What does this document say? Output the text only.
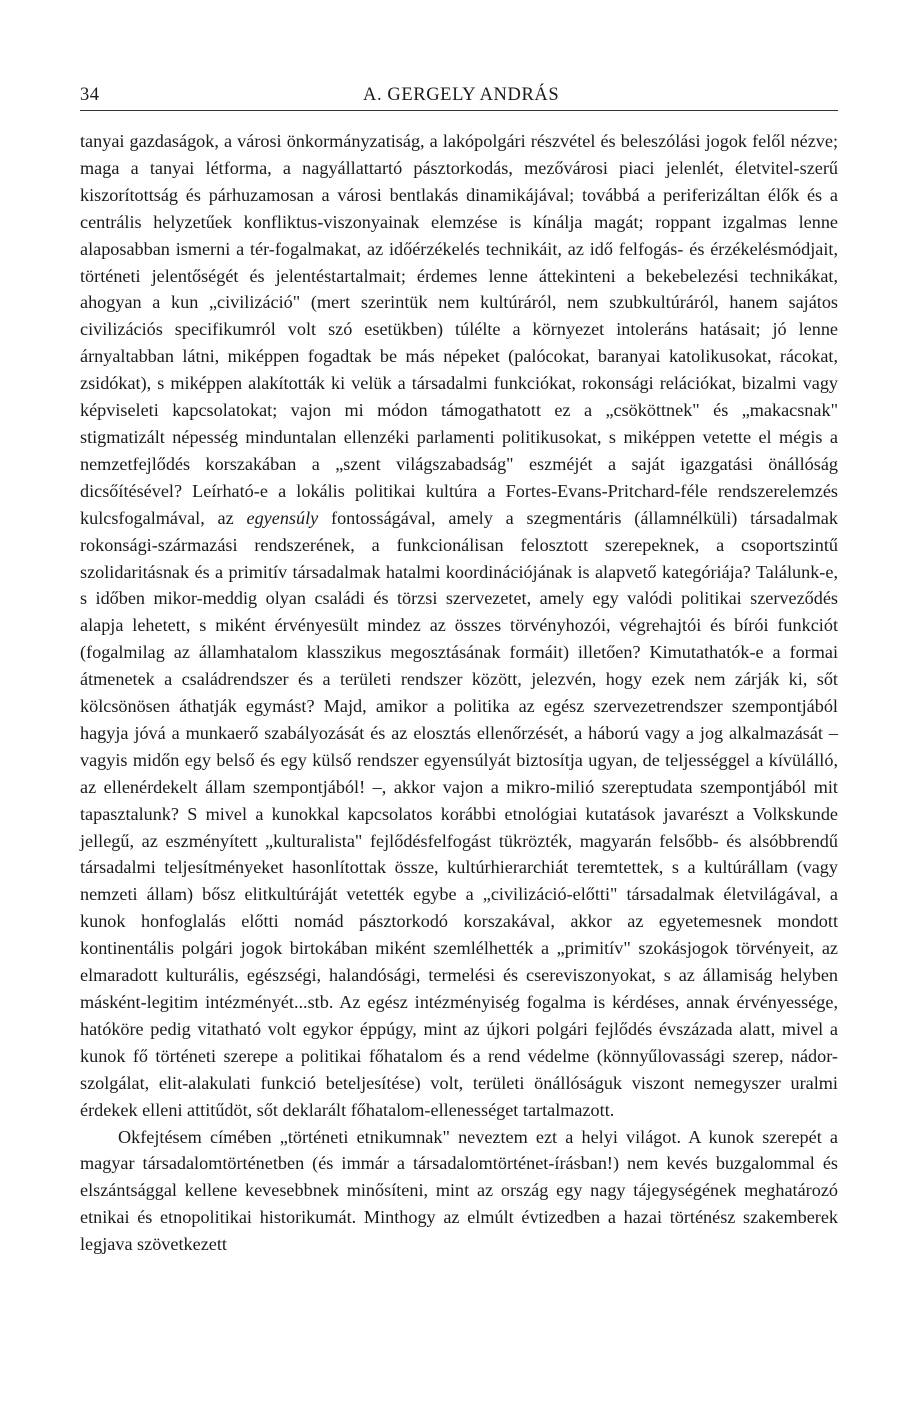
34	A. GERGELY ANDRÁS

tanyai gazdaságok, a városi önkormányzatiság, a lakópolgári részvétel és beleszólási jogok felől nézve; maga a tanyai létforma, a nagyállattartó pásztorkodás, mezővárosi piaci jelenlét, életvitel-szerű kiszorítottság és párhuzamosan a városi bentlakás dinamikájával; továbbá a periferizáltan élők és a centrális helyzetűek konfliktus-viszonyainak elemzése is kínálja magát; roppant izgalmas lenne alaposabban ismerni a tér-fogalmakat, az időérzékelés technikáit, az idő felfogás- és érzékelésmódjait, történeti jelentőségét és jelentéstartalmait; érdemes lenne áttekinteni a bekebelezési technikákat, ahogyan a kun „civilizáció" (mert szerintük nem kultúráról, nem szubkultúráról, hanem sajátos civilizációs specifikumról volt szó esetükben) túlélte a környezet intoleráns hatásait; jó lenne árnyaltabban látni, miképpen fogadtak be más népeket (palócokat, baranyai katolikusokat, rácokat, zsidókat), s miképpen alakították ki velük a társadalmi funkciókat, rokonsági relációkat, bizalmi vagy képviseleti kapcsolatokat; vajon mi módon támogathatott ez a „csököttnek" és „makacsnak" stigmatizált népesség minduntalan ellenzéki parlamenti politikusokat, s miképpen vetette el mégis a nemzetfejlődés korszakában a „szent világszabadság" eszméjét a saját igazgatási önállóság dicsőítésével? Leírható-e a lokális politikai kultúra a Fortes-Evans-Pritchard-féle rendszerelemzés kulcsfogalmával, az egyensúly fontosságával, amely a szegmentáris (államnélküli) társadalmak rokonsági-származási rendszerének, a funkcionálisan felosztott szerepeknek, a csoportszintű szolidaritásnak és a primitív társadalmak hatalmi koordinációjának is alapvető kategóriája? Találunk-e, s időben mikor-meddig olyan családi és törzsi szervezetet, amely egy valódi politikai szerveződés alapja lehetett, s miként érvényesült mindez az összes törvényhozói, végrehajtói és bírói funkciót (fogalmilag az államhatalom klasszikus megosztásának formáit) illetően? Kimutathatók-e a formai átmenetek a családrendszer és a területi rendszer között, jelezvén, hogy ezek nem zárják ki, sőt kölcsönösen áthatják egymást? Majd, amikor a politika az egész szervezetrendszer szempontjából hagyja jóvá a munkaerő szabályozását és az elosztás ellenőrzését, a háború vagy a jog alkalmazását – vagyis midőn egy belső és egy külső rendszer egyensúlyát biztosítja ugyan, de teljességgel a kívülálló, az ellenérdekelt állam szempontjából! –, akkor vajon a mikro-milió szereptudata szempontjából mit tapasztalunk? S mivel a kunokkal kapcsolatos korábbi etnológiai kutatások javarészt a Volkskunde jellegű, az eszményített „kulturalista" fejlődésfelfogást tükrözték, magyarán felsőbb- és alsóbbrendű társadalmi teljesítményeket hasonlítottak össze, kultúrhierarchiát teremtettek, s a kultúrállam (vagy nemzeti állam) bősz elitkultúráját vetették egybe a „civilizáció-előtti" társadalmak életvilágával, a kunok honfoglalás előtti nomád pásztorkodó korszakával, akkor az egyetemesnek mondott kontinentális polgári jogok birtokában miként szemlélhették a „primitív" szokásjogok törvényeit, az elmaradott kulturális, egészségi, halandósági, termelési és csereviszonyokat, s az államiság helyben másként-legitim intézményét...stb. Az egész intézményiség fogalma is kérdéses, annak érvényessége, hatóköre pedig vitatható volt egykor éppúgy, mint az újkori polgári fejlődés évszázada alatt, mivel a kunok fő történeti szerepe a politikai főhatalom és a rend védelme (könnyűlovassági szerep, nádor-szolgálat, elit-alakulati funkció beteljesítése) volt, területi önállóságuk viszont nemegyszer uralmi érdekek elleni attitűdöt, sőt deklarált főhatalom-ellenességet tartalmazott.

Okfejtésem címében „történeti etnikumnak" neveztem ezt a helyi világot. A kunok szerepét a magyar társadalomtörténetben (és immár a társadalomtörténet-írásban!) nem kevés buzgalommal és elszántsággal kellene kevesebbnek minősíteni, mint az ország egy nagy tájegységének meghatározó etnikai és etnopolitikai historikumát. Minthogy az elmúlt évtizedben a hazai történész szakemberek legjava szövetkezett
